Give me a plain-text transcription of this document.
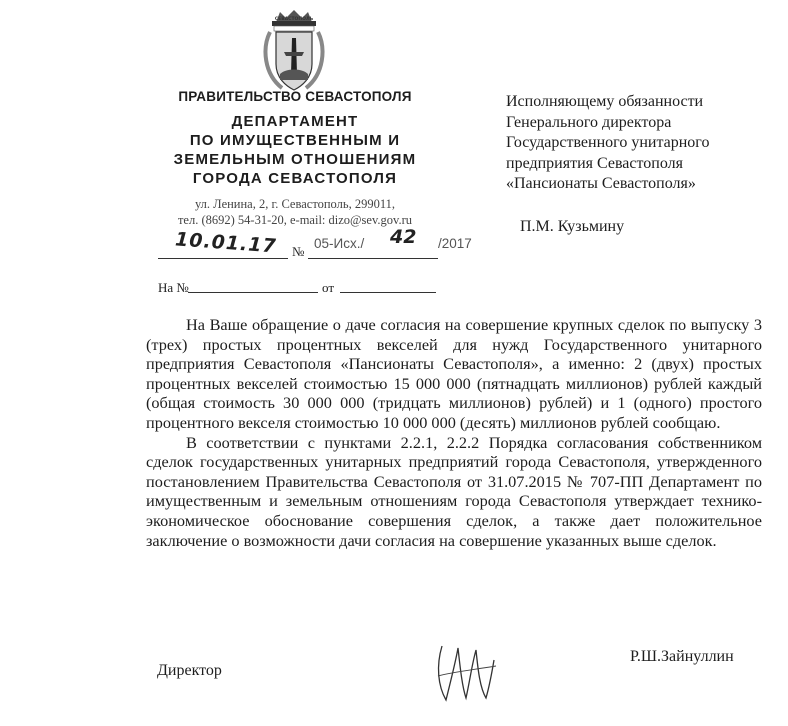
СЕВАСТОПОЛЬ
ПРАВИТЕЛЬСТВО СЕВАСТОПОЛЯ
ДЕПАРТАМЕНТ
ПО ИМУЩЕСТВЕННЫМ И
ЗЕМЕЛЬНЫМ ОТНОШЕНИЯМ
ГОРОДА СЕВАСТОПОЛЯ
ул. Ленина, 2, г. Севастополь, 299011,
тел. (8692) 54-31-20, e-mail: dizo@sev.gov.ru
10.01.17 №
05-Исх./ 42 /2017
На №	от
Исполняющему обязанности
Генерального директора
Государственного унитарного
предприятия Севастополя
«Пансионаты Севастополя»
П.М. Кузьмину

На Ваше обращение о даче согласия на совершение крупных сделок по выпуску 3 (трех) простых процентных векселей для нужд Государственного унитарного предприятия Севастополя «Пансионаты Севастополя», а именно: 2 (двух) простых процентных векселей стоимостью 15 000 000 (пятнадцать миллионов) рублей каждый (общая стоимость 30 000 000 (тридцать миллионов) рублей) и 1 (одного) простого процентного векселя стоимостью 10 000 000 (десять) миллионов рублей сообщаю.

В соответствии с пунктами 2.2.1, 2.2.2 Порядка согласования собственником сделок государственных унитарных предприятий города Севастополя, утвержденного постановлением Правительства Севастополя от 31.07.2015 № 707-ПП Департамент по имущественным и земельным отношениям города Севастополя утверждает технико-экономическое обоснование совершения сделок, а также дает положительное заключение о возможности дачи согласия на совершение указанных выше сделок.

Директор
Р.Ш.Зайнуллин
